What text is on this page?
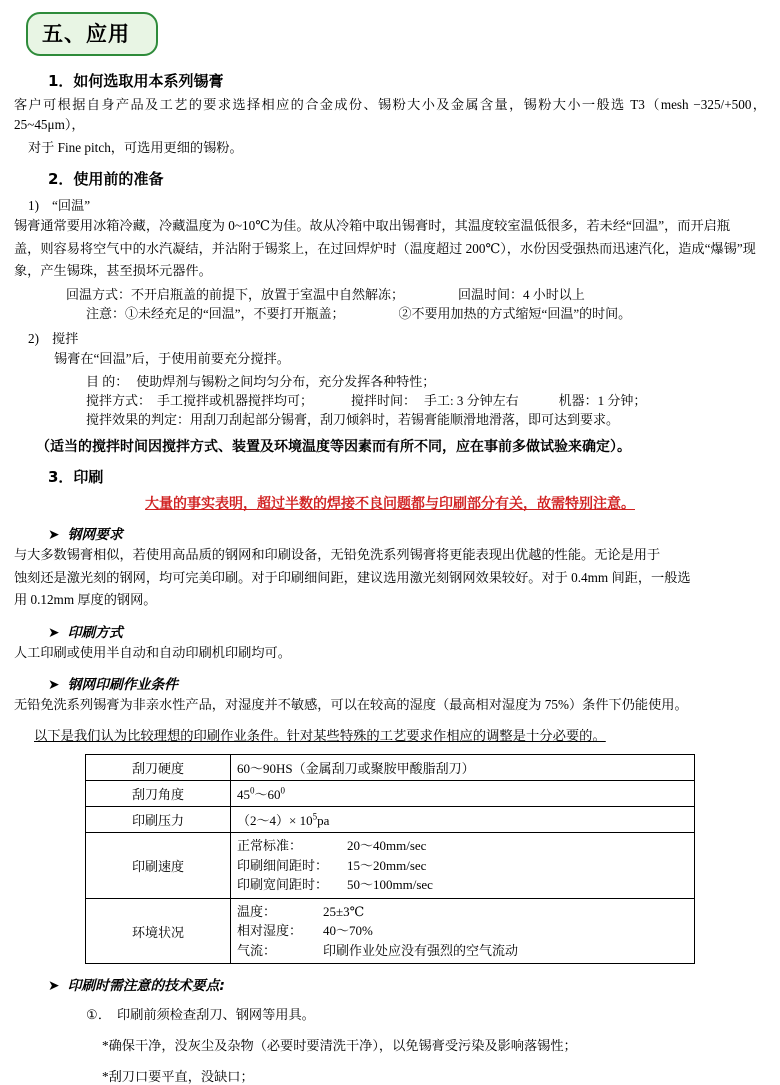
五、应用
1．如何选取用本系列锡膏

客户可根据自身产品及工艺的要求选择相应的合金成份、锡粉大小及金属含量，锡粉大小一般选 T3（mesh −325/+500，25~45μm），

对于 Fine pitch，可选用更细的锡粉。

2．使用前的准备
1) “回温”

锡膏通常要用冰箱冷藏，冷藏温度为 0~10℃为佳。故从冷箱中取出锡膏时，其温度较室温低很多，若未经“回温”，而开启瓶

盖，则容易将空气中的水汽凝结，并沾附于锡浆上，在过回焊炉时（温度超过 200℃），水份因受强热而迅速汽化，造成“爆锡”现

象，产生锡珠，甚至损坏元器件。

回温方式：不开启瓶盖的前提下，放置于室温中自然解冻；	回温时间：4 小时以上
注意：①未经充足的“回温”，不要打开瓶盖；	②不要用加热的方式缩短“回温”的时间。
2) 搅拌

锡膏在“回温”后，于使用前要充分搅拌。

目 的： 使助焊剂与锡粉之间均匀分布，充分发挥各种特性；
搅拌方式： 手工搅拌或机器搅拌均可；	搅拌时间： 手工: 3 分钟左右	机器：1 分钟；
搅拌效果的判定： 用刮刀刮起部分锡膏，刮刀倾斜时，若锡膏能顺滑地滑落，即可达到要求。
（适当的搅拌时间因搅拌方式、装置及环境温度等因素而有所不同，应在事前多做试验来确定）。
3．印刷
大量的事实表明，超过半数的焊接不良问题都与印刷部分有关，故需特别注意。
➤ 钢网要求

与大多数锡膏相似，若使用高品质的钢网和印刷设备，无铅免洗系列锡膏将更能表现出优越的性能。无论是用于

蚀刻还是激光刻的钢网，均可完美印刷。对于印刷细间距，建议选用激光刻钢网效果较好。对于 0.4mm 间距，一般选

用 0.12mm 厚度的钢网。

➤ 印刷方式

人工印刷或使用半自动和自动印刷机印刷均可。

➤ 钢网印刷作业条件

无铅免洗系列锡膏为非亲水性产品，对湿度并不敏感，可以在较高的湿度（最高相对湿度为 75%）条件下仍能使用。

以下是我们认为比较理想的印刷作业条件。针对某些特殊的工艺要求作相应的调整是十分必要的。
刮刀硬度	60～90HS（金属刮刀或聚胺甲酸脂刮刀）
刮刀角度	$45^0\sim 60^0$
印刷压力	（2～4）× $10^5pa$
印刷速度	正常标准： 20～40mm/sec
印刷细间距时： 15～20mm/sec
印刷宽间距时： 50～100mm/sec

环境状况	温度： 25±3℃
相对湿度： 40～70%
气流： 印刷作业处应没有强烈的空气流动
➤ 印刷时需注意的技术要点:
①． 印刷前须检查刮刀、钢网等用具。
*确保干净，没灰尘及杂物（必要时要清洗干净），以免锡膏受污染及影响落锡性；
*刮刀口要平直，没缺口；
